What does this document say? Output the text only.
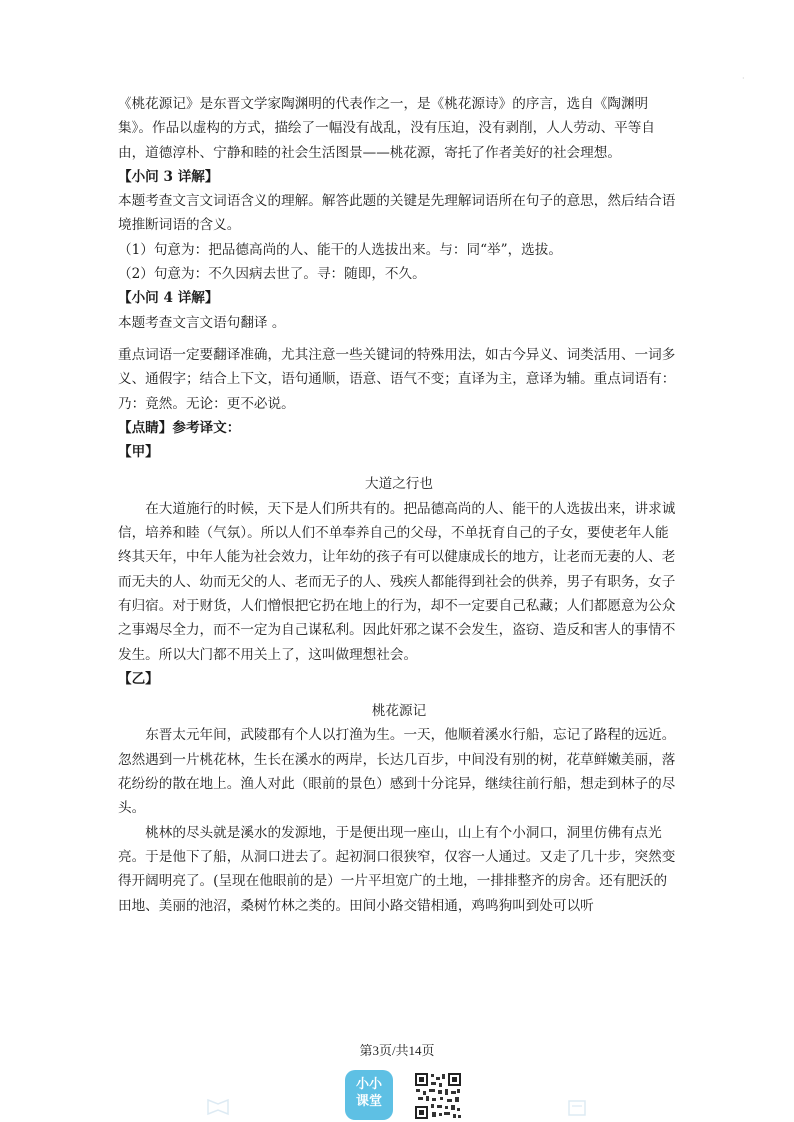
·

《桃花源记》是东晋文学家陶渊明的代表作之一，是《桃花源诗》的序言，选自《陶渊明集》。作品以虚构的方式，描绘了一幅没有战乱，没有压迫，没有剥削，人人劳动、平等自由，道德淳朴、宁静和睦的社会生活图景——桃花源，寄托了作者美好的社会理想。

【小问 3 详解】

本题考查文言文词语含义的理解。解答此题的关键是先理解词语所在句子的意思，然后结合语境推断词语的含义。

（1）句意为：把品德高尚的人、能干的人选拔出来。与：同“举”，选拔。

（2）句意为：不久因病去世了。寻：随即，不久。

【小问 4 详解】

本题考查文言文语句翻译 。

重点词语一定要翻译准确，尤其注意一些关键词的特殊用法，如古今异义、词类活用、一词多义、通假字；结合上下文，语句通顺，语意、语气不变；直译为主，意译为辅。重点词语有：

乃：竟然。无论：更不必说。

【点睛】参考译文：

【甲】

大道之行也

在大道施行的时候，天下是人们所共有的。把品德高尚的人、能干的人选拔出来，讲求诚信，培养和睦（气氛）。所以人们不单奉养自己的父母，不单抚育自己的子女，要使老年人能终其天年，中年人能为社会效力，让年幼的孩子有可以健康成长的地方，让老而无妻的人、老而无夫的人、幼而无父的人、老而无子的人、残疾人都能得到社会的供养，男子有职务，女子有归宿。对于财货，人们憎恨把它扔在地上的行为，却不一定要自己私藏；人们都愿意为公众之事竭尽全力，而不一定为自己谋私利。因此奸邪之谋不会发生，盗窃、造反和害人的事情不发生。所以大门都不用关上了，这叫做理想社会。

【乙】

桃花源记

东晋太元年间，武陵郡有个人以打渔为生。一天，他顺着溪水行船，忘记了路程的远近。忽然遇到一片桃花林，生长在溪水的两岸，长达几百步，中间没有别的树，花草鲜嫩美丽，落花纷纷的散在地上。渔人对此（眼前的景色）感到十分诧异，继续往前行船，想走到林子的尽头。

桃林的尽头就是溪水的发源地，于是便出现一座山，山上有个小洞口，洞里仿佛有点光亮。于是他下了船，从洞口进去了。起初洞口很狭窄，仅容一人通过。又走了几十步，突然变得开阔明亮了。(呈现在他眼前的是）一片平坦宽广的土地，一排排整齐的房舍。还有肥沃的田地、美丽的池沼，桑树竹林之类的。田间小路交错相通，鸡鸣狗叫到处可以听

第3页/共14页
小小
课堂
